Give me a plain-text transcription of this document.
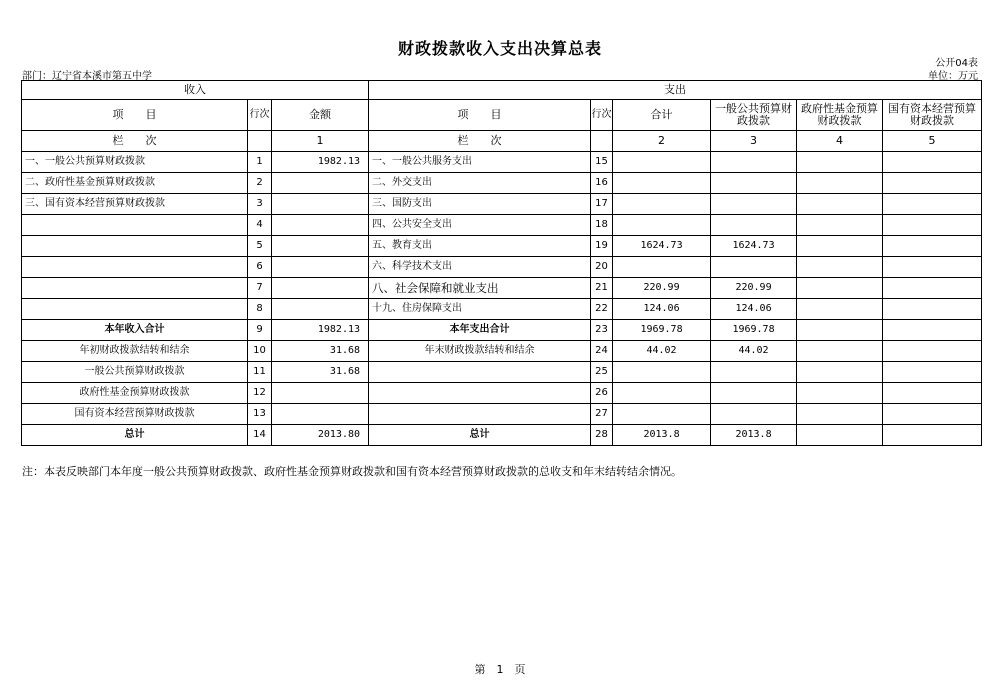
财政拨款收入支出决算总表
公开04表
部门：辽宁省本溪市第五中学	单位：万元
收入			支出					
项　　目	行次	金额	项　　目	行次	合计	一般公共预算财政拨款	政府性基金预算财政拨款	国有资本经营预算财政拨款
栏　　次		1	栏　　次		2	3	4	5
一、一般公共预算财政拨款	1	1982.13	一、一般公共服务支出	15				
二、政府性基金预算财政拨款	2		二、外交支出	16				
三、国有资本经营预算财政拨款	3		三、国防支出	17				
	4		四、公共安全支出	18				
	5		五、教育支出	19	1624.73	1624.73		
	6		六、科学技术支出	20				
	7		八、社会保障和就业支出	21	220.99	220.99		
	8		十九、住房保障支出	22	124.06	124.06		
本年收入合计	9	1982.13	本年支出合计	23	1969.78	1969.78		
年初财政拨款结转和结余	10	31.68	年末财政拨款结转和结余	24	44.02	44.02		
一般公共预算财政拨款	11	31.68		25				
政府性基金预算财政拨款	12			26				
国有资本经营预算财政拨款	13			27				
总计	14	2013.80	总计	28	2013.8	2013.8		
注：本表反映部门本年度一般公共预算财政拨款、政府性基金预算财政拨款和国有资本经营预算财政拨款的总收支和年末结转结余情况。
第　1　页
